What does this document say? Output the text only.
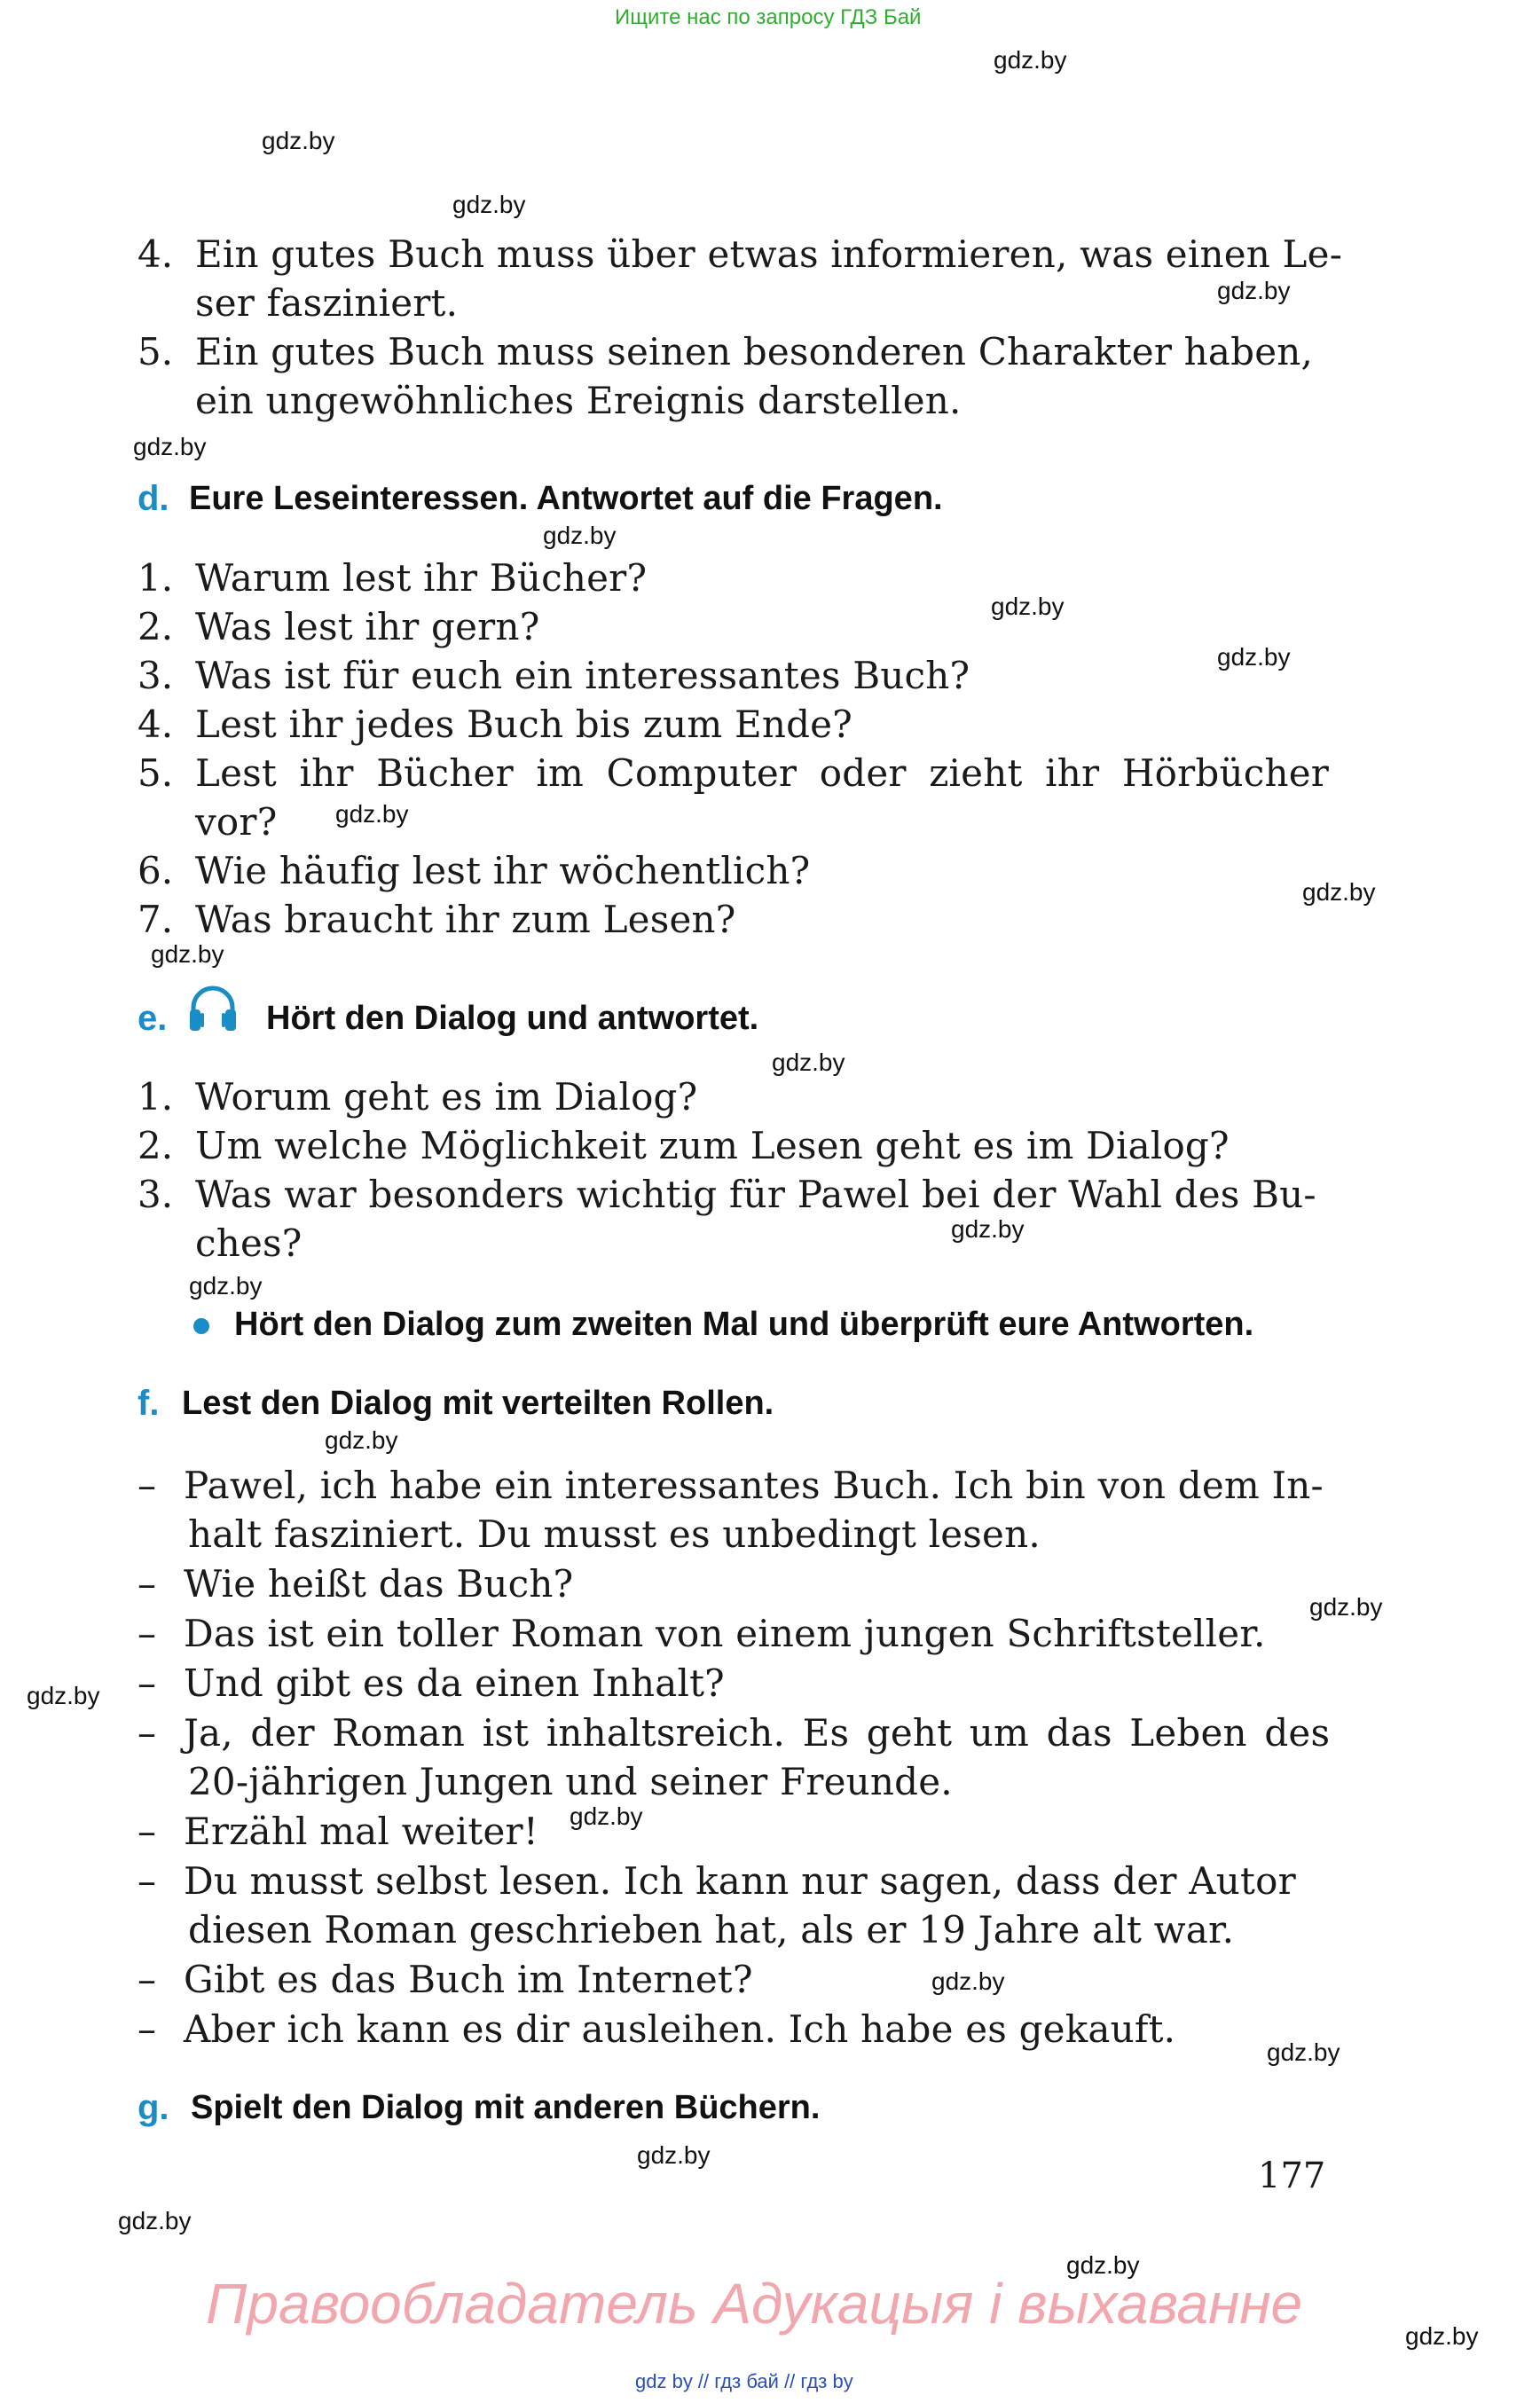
Ищите нас по запросу ГДЗ Бай
gdz.by
gdz.by
gdz.by
gdz.by
gdz.by
gdz.by
gdz.by
gdz.by
gdz.by
gdz.by
gdz.by
gdz.by
gdz.by
gdz.by
gdz.by
gdz.by
gdz.by
gdz.by
gdz.by
gdz.by
gdz.by
gdz.by
gdz.by
gdz.by
4. Ein gutes Buch muss über etwas informieren, was einen Le-
ser fasziniert.
5. Ein gutes Buch muss seinen besonderen Charakter haben,
ein ungewöhnliches Ereignis darstellen.
d. Eure Leseinteressen. Antwortet auf die Fragen.
1. Warum lest ihr Bücher?
2. Was lest ihr gern?
3. Was ist für euch ein interessantes Buch?
4. Lest ihr jedes Buch bis zum Ende?
5. Lest ihr Bücher im Computer oder zieht ihr Hörbücher
vor?
6. Wie häufig lest ihr wöchentlich?
7. Was braucht ihr zum Lesen?
e.	Hört den Dialog und antwortet.
1. Worum geht es im Dialog?
2. Um welche Möglichkeit zum Lesen geht es im Dialog?
3. Was war besonders wichtig für Pawel bei der Wahl des Bu-
ches?
Hört den Dialog zum zweiten Mal und überprüft eure Antworten.
f. Lest den Dialog mit verteilten Rollen.
– Pawel, ich habe ein interessantes Buch. Ich bin von dem In-
halt fasziniert. Du musst es unbedingt lesen.
– Wie heißt das Buch?
– Das ist ein toller Roman von einem jungen Schriftsteller.
– Und gibt es da einen Inhalt?
– Ja, der Roman ist inhaltsreich. Es geht um das Leben des
20-jährigen Jungen und seiner Freunde.
– Erzähl mal weiter!
– Du musst selbst lesen. Ich kann nur sagen, dass der Autor
diesen Roman geschrieben hat, als er 19 Jahre alt war.
– Gibt es das Buch im Internet?
– Aber ich kann es dir ausleihen. Ich habe es gekauft.
g. Spielt den Dialog mit anderen Büchern.
177
Правообладатель Адукацыя і выхаванне
gdz by // гдз бай // гдз by
